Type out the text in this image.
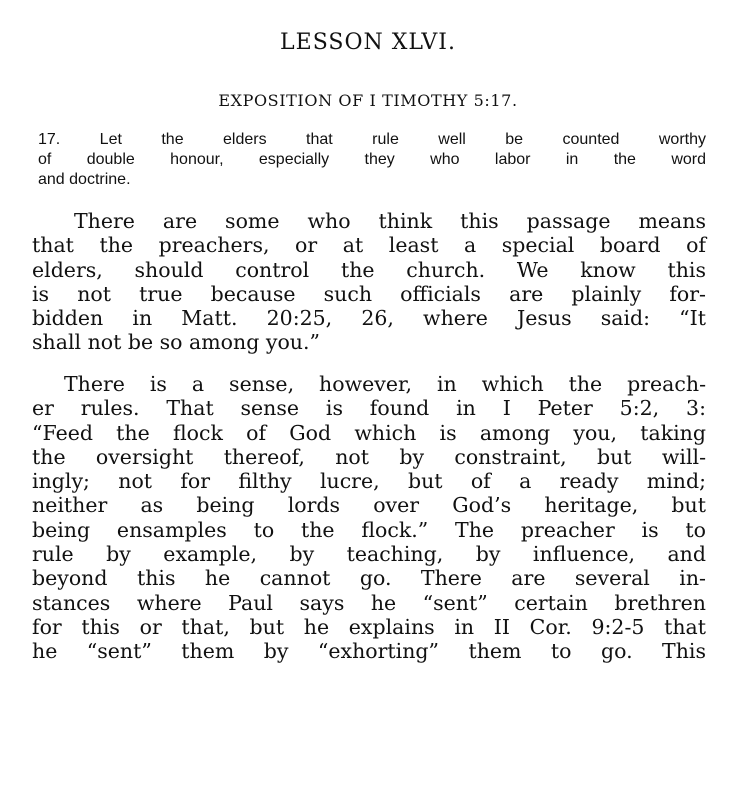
LESSON XLVI.
EXPOSITION OF I TIMOTHY 5:17.
17. Let the elders that rule well be counted worthy
of double honour, especially they who labor in the word
and doctrine.
There are some who think this passage means
that the preachers, or at least a special board of
elders, should control the church. We know this
is not true because such officials are plainly for-
bidden in Matt. 20:25, 26, where Jesus said: “It
shall not be so among you.”
There is a sense, however, in which the preach-
er rules. That sense is found in I Peter 5:2, 3:
“Feed the flock of God which is among you, taking
the oversight thereof, not by constraint, but will-
ingly; not for filthy lucre, but of a ready mind;
neither as being lords over God’s heritage, but
being ensamples to the flock.” The preacher is to
rule by example, by teaching, by influence, and
beyond this he cannot go. There are several in-
stances where Paul says he “sent” certain brethren
for this or that, but he explains in II Cor. 9:2-5 that
he “sent” them by “exhorting” them to go. This
